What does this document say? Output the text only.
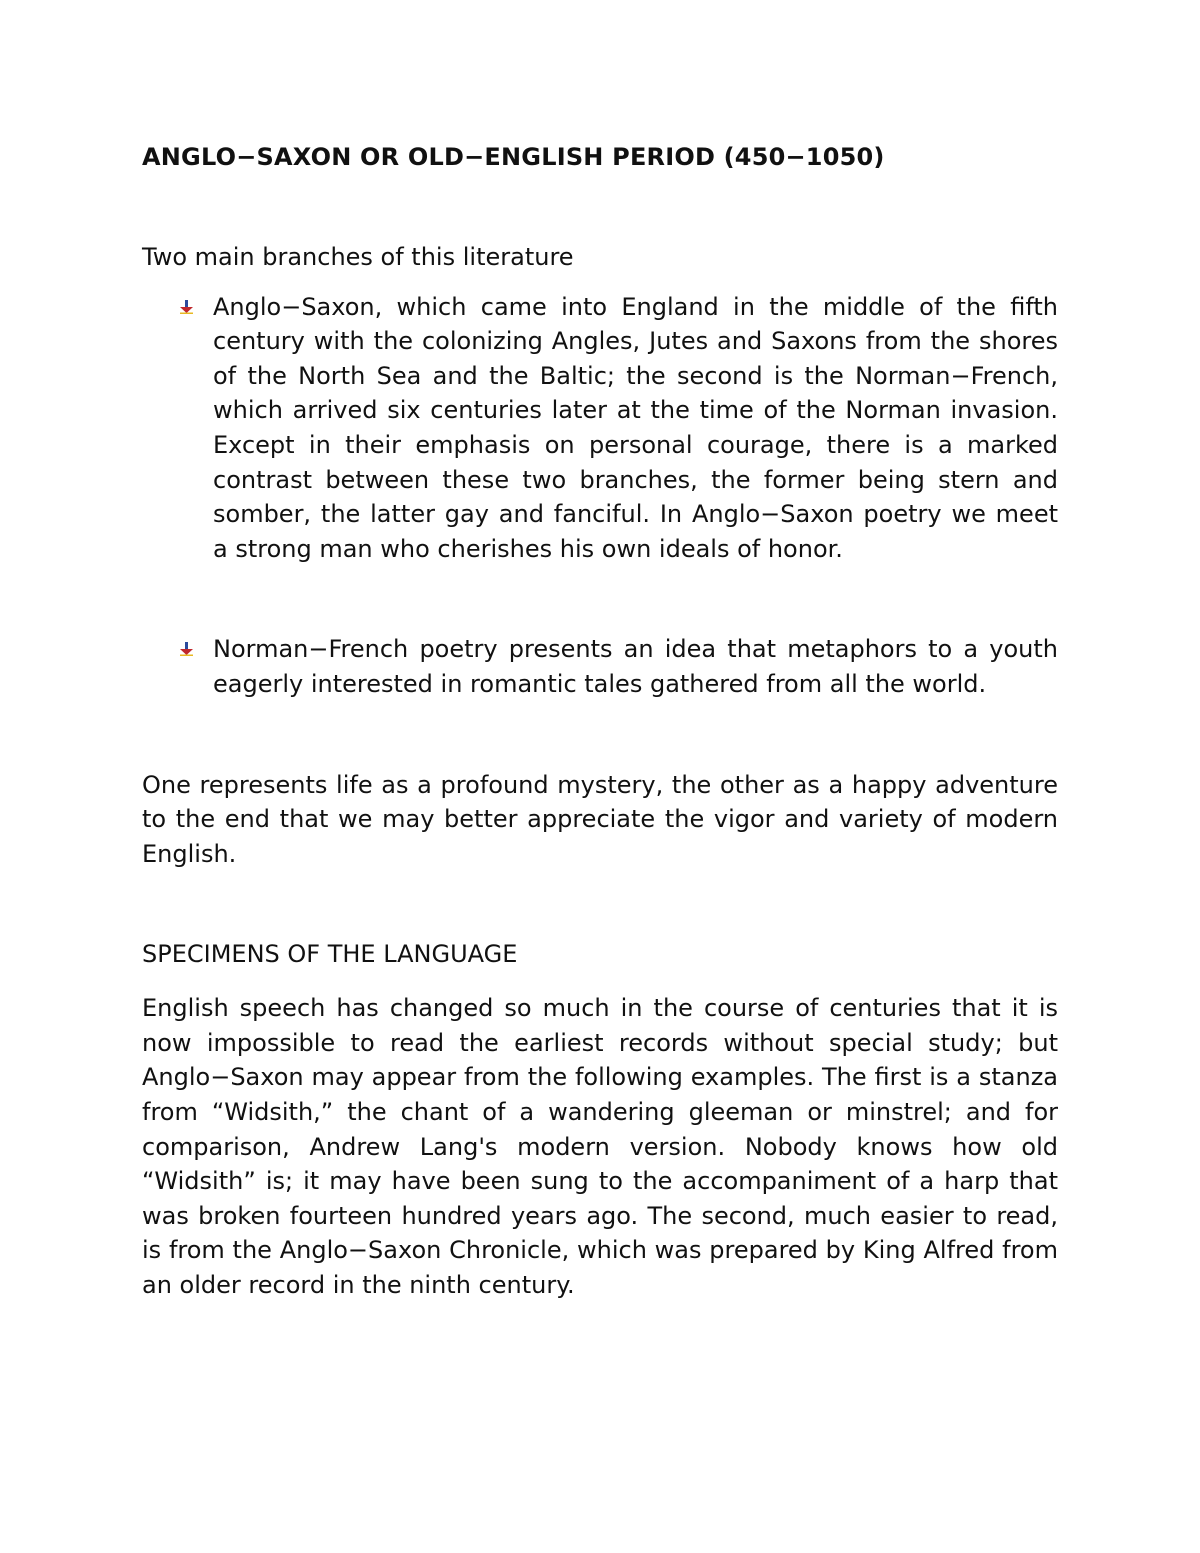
ANGLO−SAXON OR OLD−ENGLISH PERIOD (450−1050)

Two main branches of this literature

Anglo−Saxon, which came into England in the middle of the fifth century with the colonizing Angles, Jutes and Saxons from the shores of the North Sea and the Baltic; the second is the Norman−French, which arrived six centuries later at the time of the Norman invasion. Except in their emphasis on personal courage, there is a marked contrast between these two branches, the former being stern and somber, the latter gay and fanciful. In Anglo−Saxon poetry we meet a strong man who cherishes his own ideals of honor.

Norman−French poetry presents an idea that metaphors to a youth eagerly interested in romantic tales gathered from all the world.

One represents life as a profound mystery, the other as a happy adventure to the end that we may better appreciate the vigor and variety of modern English.

SPECIMENS OF THE LANGUAGE

English speech has changed so much in the course of centuries that it is now impossible to read the earliest records without special study; but Anglo−Saxon may appear from the following examples. The first is a stanza from “Widsith,” the chant of a wandering gleeman or minstrel; and for comparison, Andrew Lang's modern version. Nobody knows how old “Widsith” is; it may have been sung to the accompaniment of a harp that was broken fourteen hundred years ago. The second, much easier to read, is from the Anglo−Saxon Chronicle, which was prepared by King Alfred from an older record in the ninth century.
